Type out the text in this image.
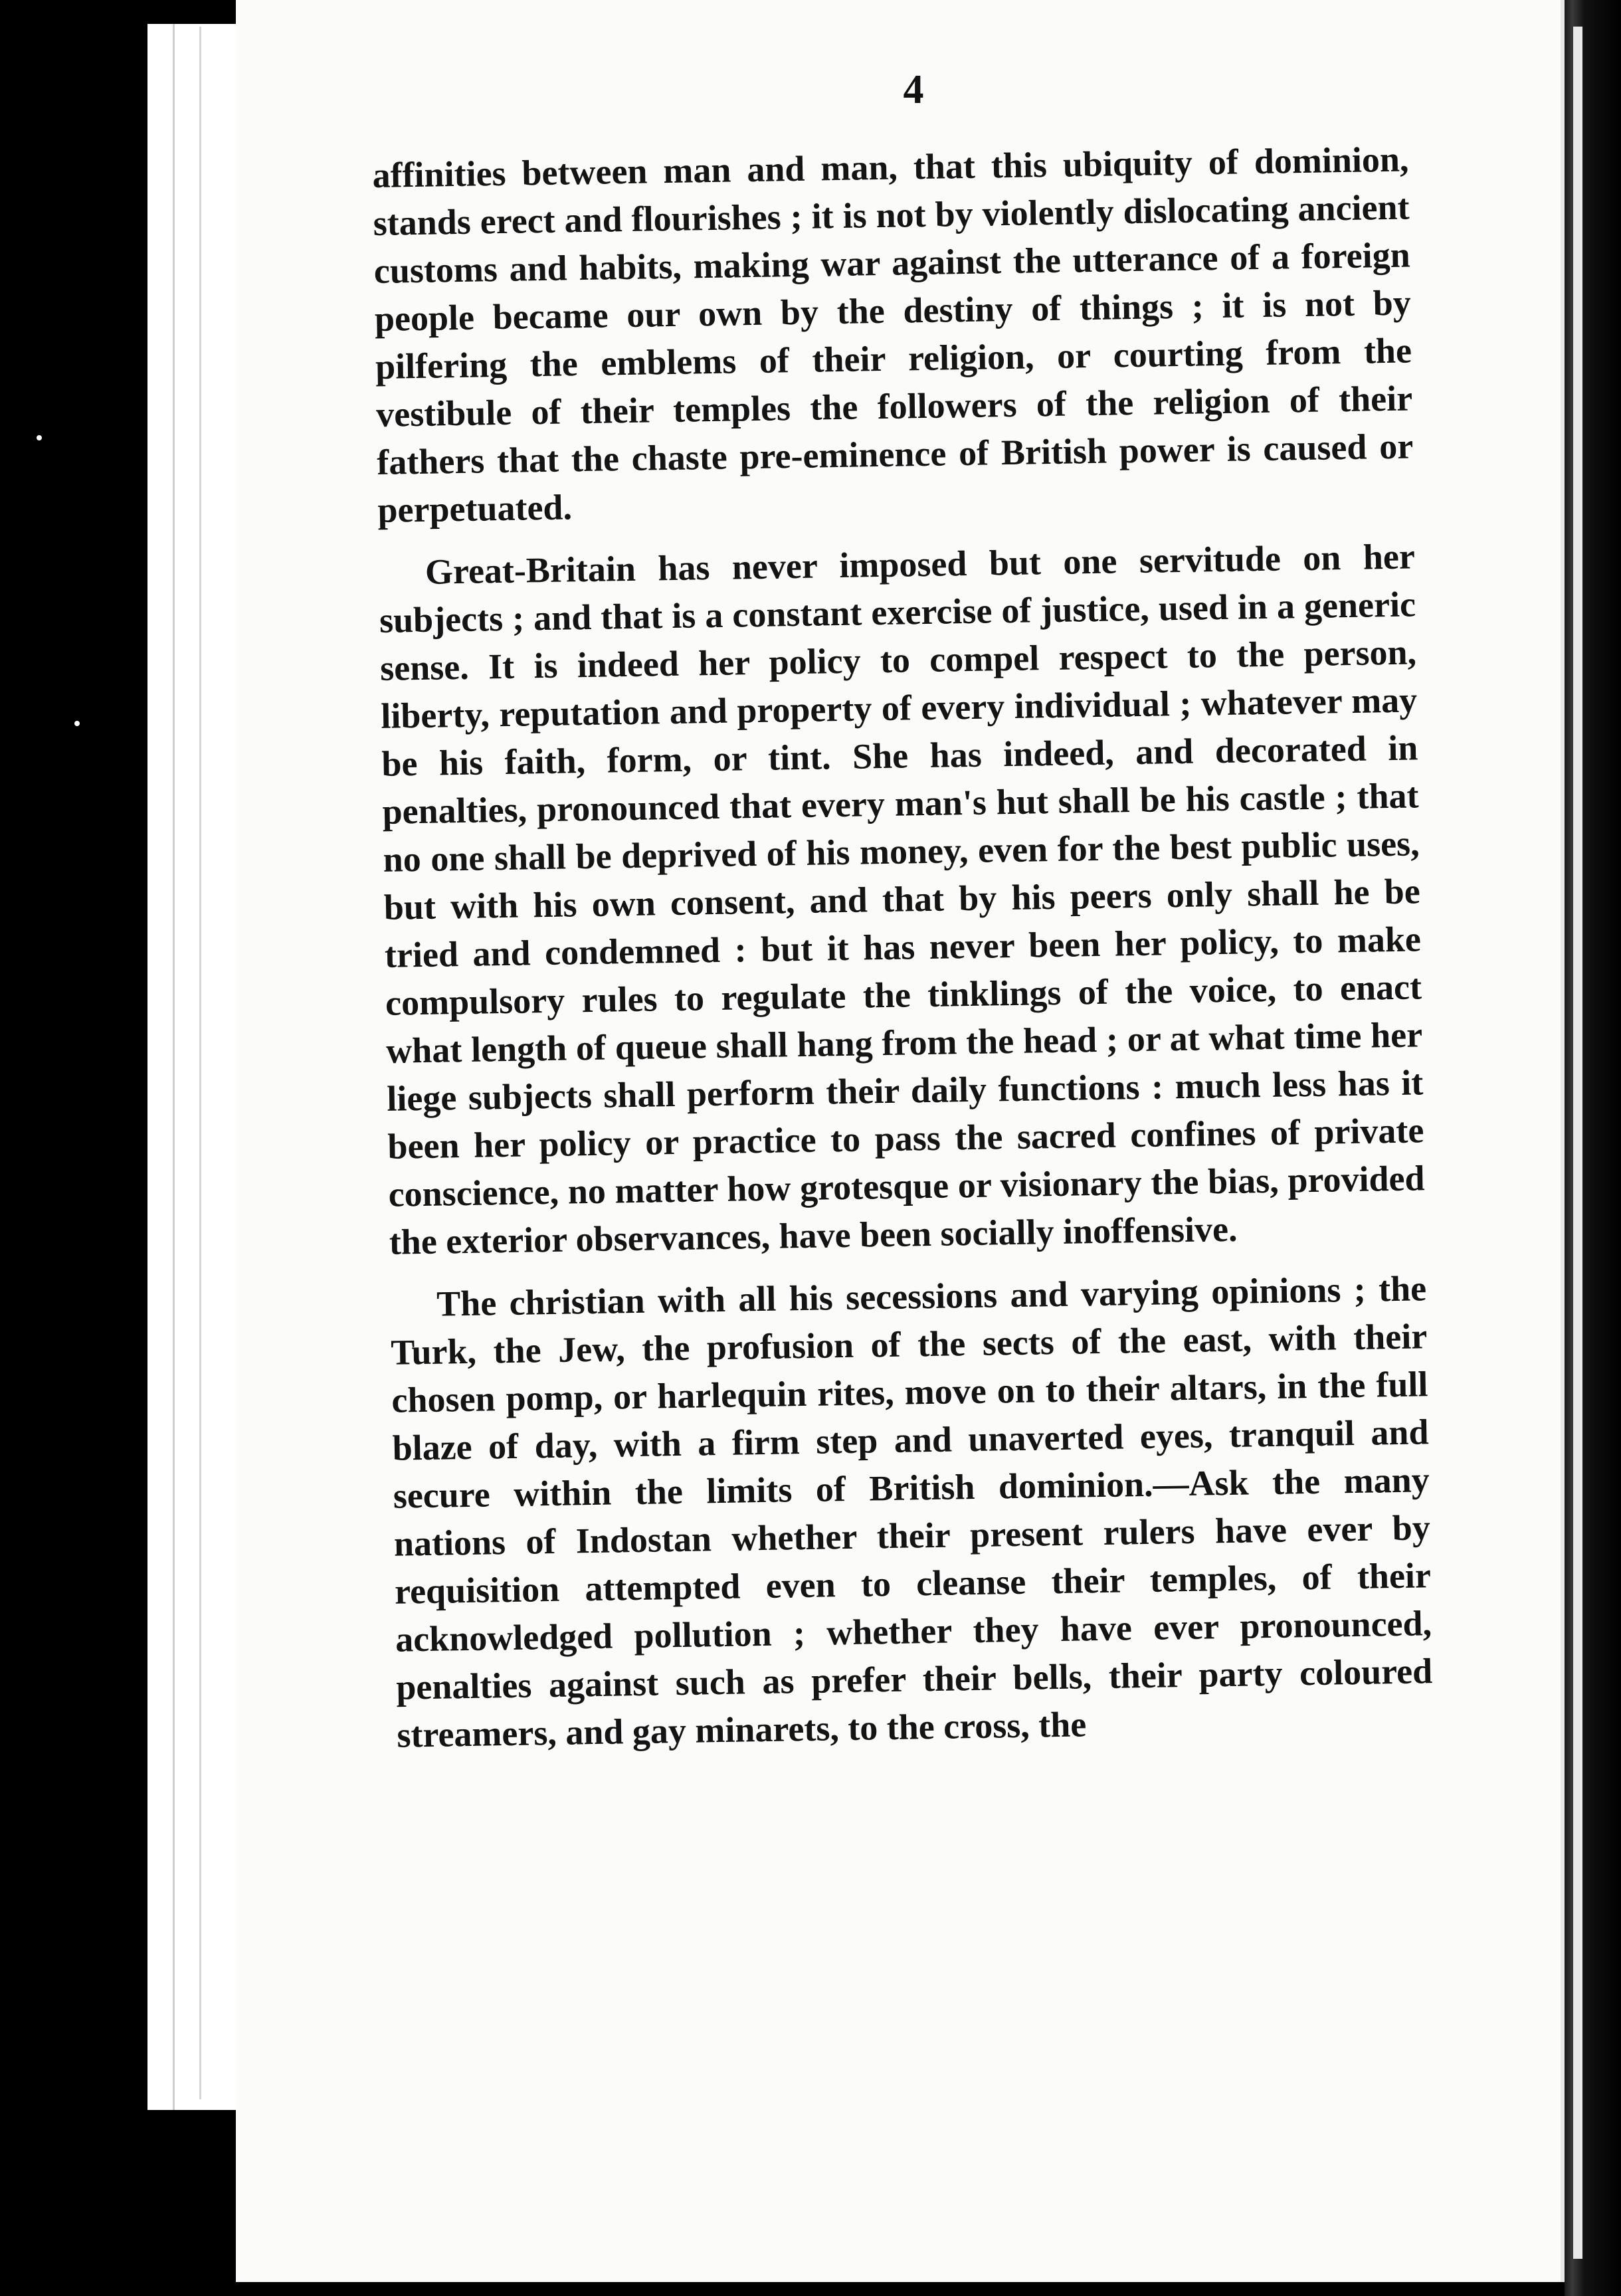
4

affinities between man and man, that this ubiquity of dominion, stands erect and flourishes ; it is not by violently dislocating ancient customs and habits, making war against the utterance of a foreign people became our own by the destiny of things ; it is not by pilfering the emblems of their religion, or courting from the vestibule of their temples the followers of the religion of their fathers that the chaste pre-eminence of British power is caused or perpetuated.

Great-Britain has never imposed but one servitude on her subjects ; and that is a constant exercise of justice, used in a generic sense. It is indeed her policy to compel respect to the person, liberty, reputation and property of every individual ; whatever may be his faith, form, or tint. She has indeed, and decorated in penalties, pronounced that every man's hut shall be his castle ; that no one shall be deprived of his money, even for the best public uses, but with his own consent, and that by his peers only shall he be tried and condemned : but it has never been her policy, to make compulsory rules to regulate the tinklings of the voice, to enact what length of queue shall hang from the head ; or at what time her liege subjects shall perform their daily functions : much less has it been her policy or practice to pass the sacred confines of private conscience, no matter how grotesque or visionary the bias, provided the exterior observances, have been socially inoffensive.

The christian with all his secessions and varying opinions ; the Turk, the Jew, the profusion of the sects of the east, with their chosen pomp, or harlequin rites, move on to their altars, in the full blaze of day, with a firm step and unaverted eyes, tranquil and secure within the limits of British dominion.—Ask the many nations of Indostan whether their present rulers have ever by requisition attempted even to cleanse their temples, of their acknowledged pollution ; whether they have ever pronounced, penalties against such as prefer their bells, their party coloured streamers, and gay minarets, to the cross, the
